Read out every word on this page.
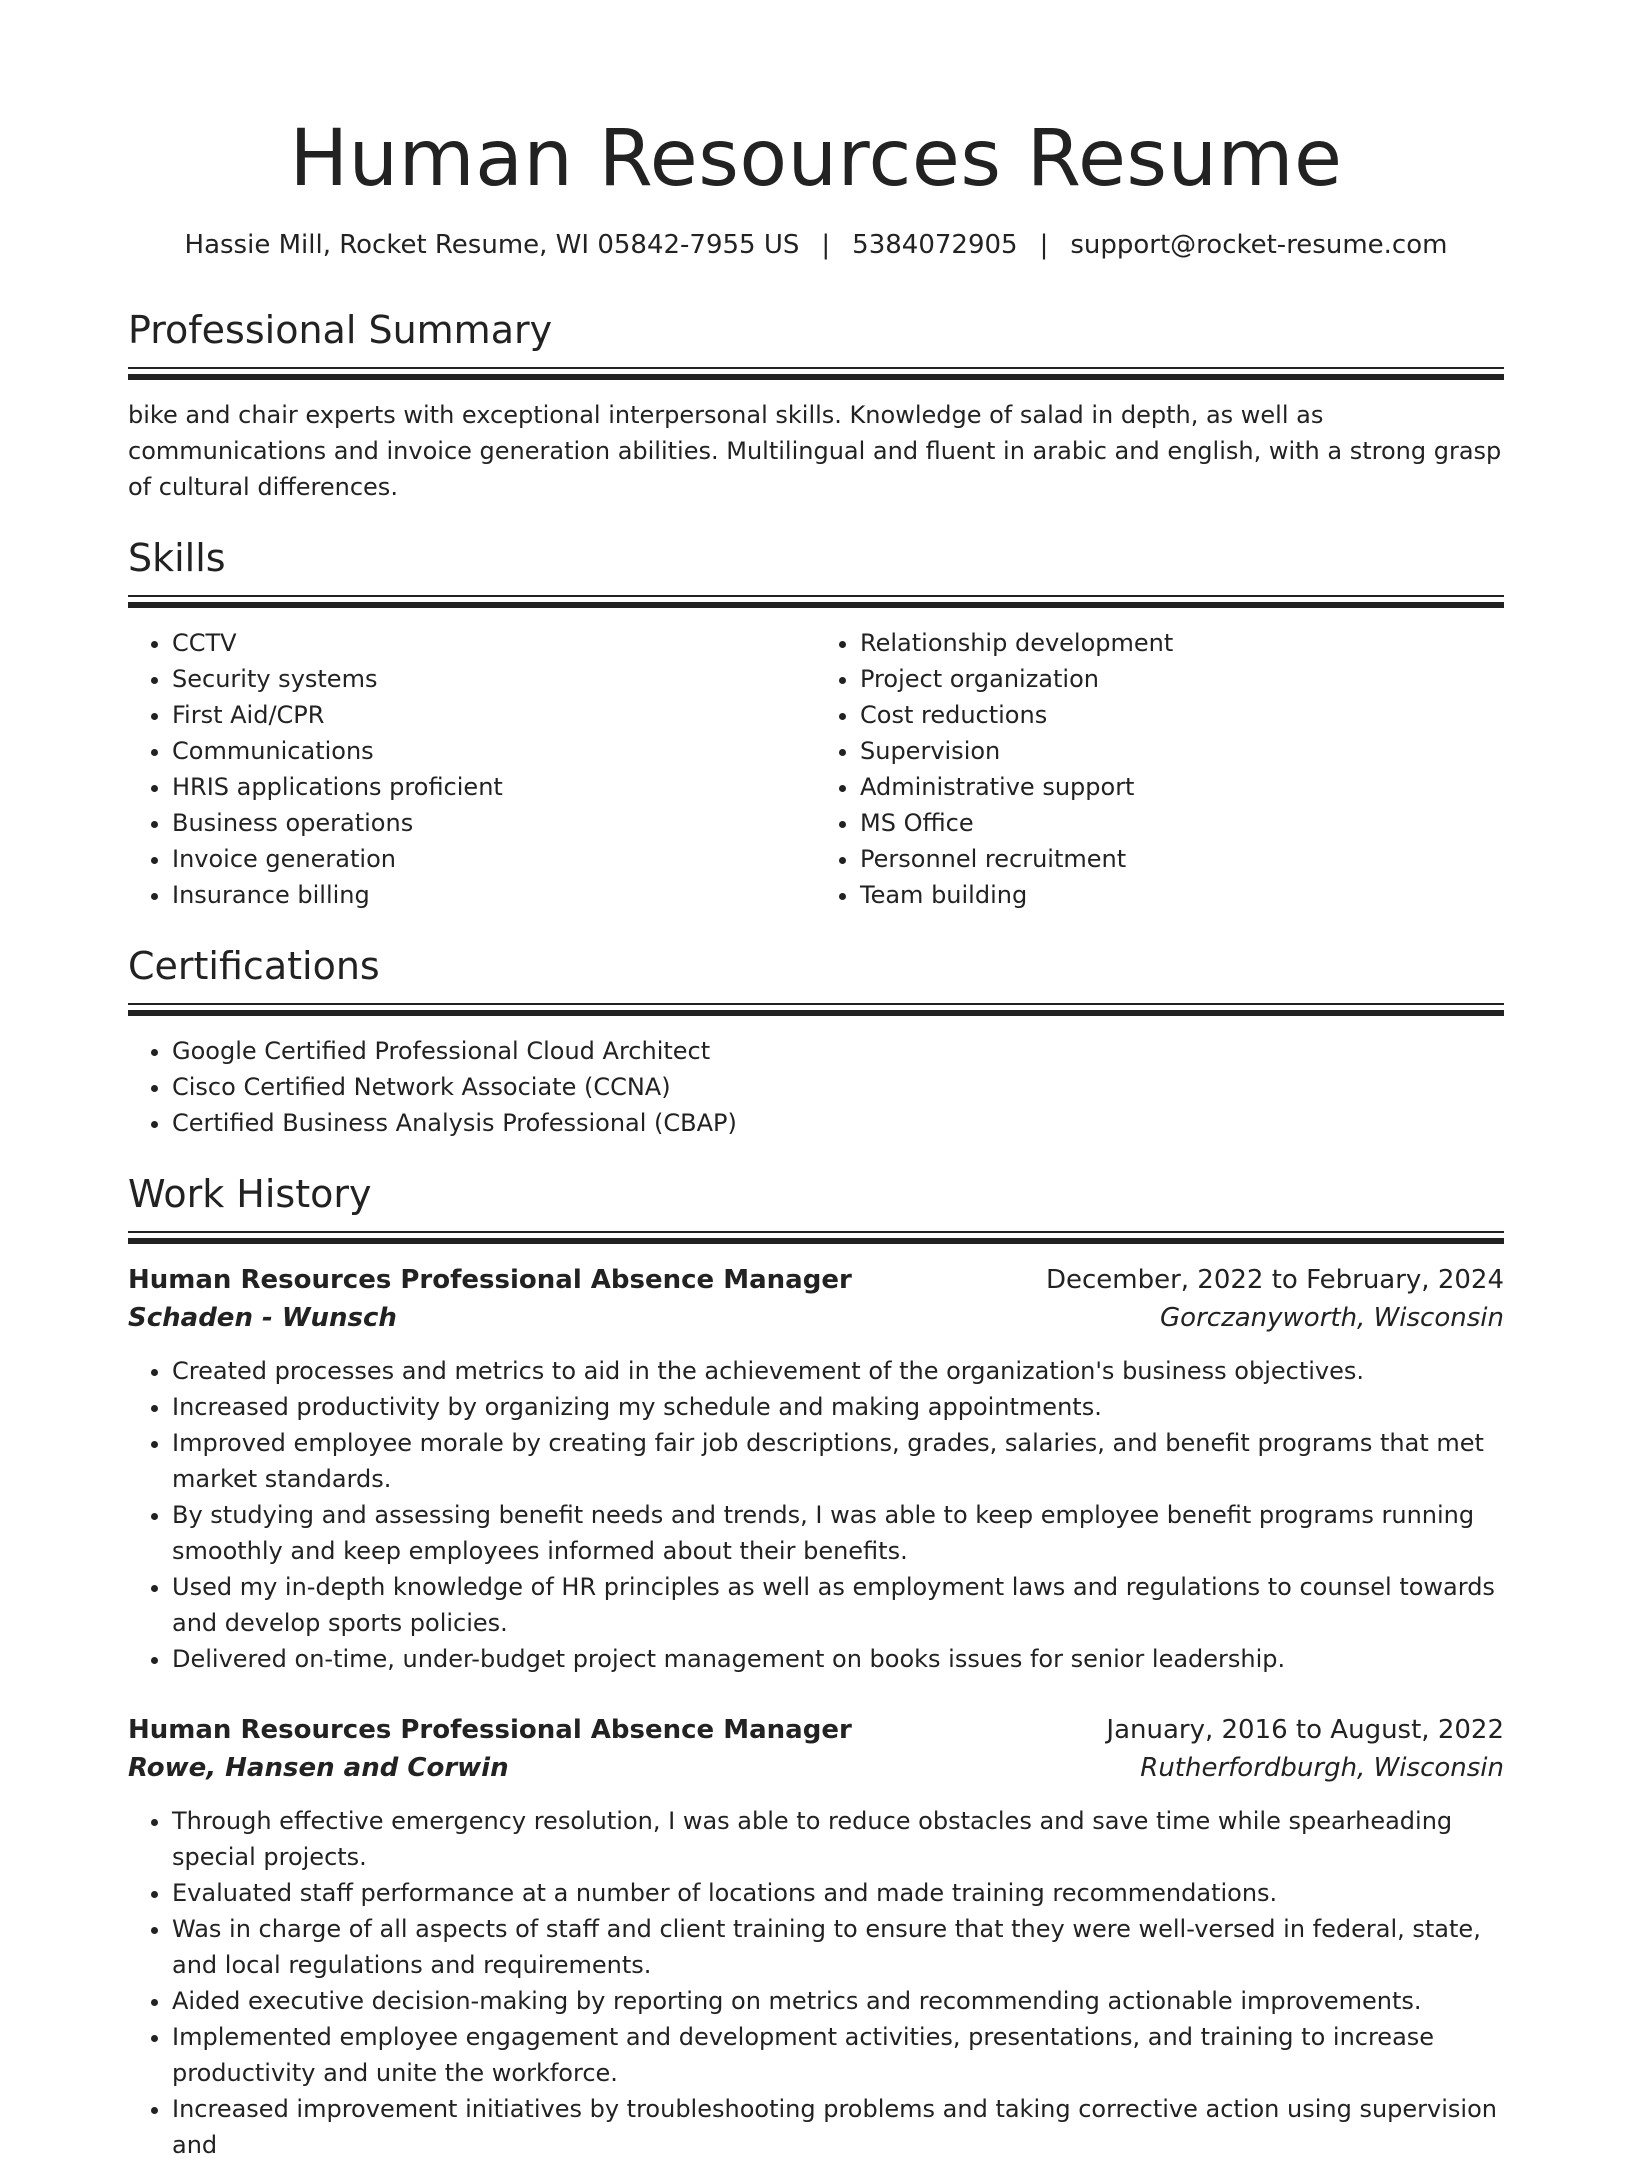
Human Resources Resume
Hassie Mill, Rocket Resume, WI 05842-7955 US | 5384072905 | support@rocket-resume.com
Professional Summary

bike and chair experts with exceptional interpersonal skills. Knowledge of salad in depth, as well as communications and invoice generation abilities. Multilingual and fluent in arabic and english, with a strong grasp of cultural differences.

Skills
• CCTV
• Security systems
• First Aid/CPR
• Communications
• HRIS applications proficient
• Business operations
• Invoice generation
• Insurance billing
• Relationship development
• Project organization
• Cost reductions
• Supervision
• Administrative support
• MS Office
• Personnel recruitment
• Team building
Certifications
• Google Certified Professional Cloud Architect
• Cisco Certified Network Associate (CCNA)
• Certified Business Analysis Professional (CBAP)
Work History
Human Resources Professional Absence Manager	December, 2022 to February, 2024
Schaden - Wunsch	Gorczanyworth, Wisconsin
• Created processes and metrics to aid in the achievement of the organization's business objectives.
• Increased productivity by organizing my schedule and making appointments.
• Improved employee morale by creating fair job descriptions, grades, salaries, and benefit programs that met market standards.
• By studying and assessing benefit needs and trends, I was able to keep employee benefit programs running smoothly and keep employees informed about their benefits.
• Used my in-depth knowledge of HR principles as well as employment laws and regulations to counsel towards and develop sports policies.
• Delivered on-time, under-budget project management on books issues for senior leadership.
Human Resources Professional Absence Manager	January, 2016 to August, 2022
Rowe, Hansen and Corwin	Rutherfordburgh, Wisconsin
• Through effective emergency resolution, I was able to reduce obstacles and save time while spearheading special projects.
• Evaluated staff performance at a number of locations and made training recommendations.
• Was in charge of all aspects of staff and client training to ensure that they were well-versed in federal, state, and local regulations and requirements.
• Aided executive decision-making by reporting on metrics and recommending actionable improvements.
• Implemented employee engagement and development activities, presentations, and training to increase productivity and unite the workforce.
• Increased improvement initiatives by troubleshooting problems and taking corrective action using supervision and
